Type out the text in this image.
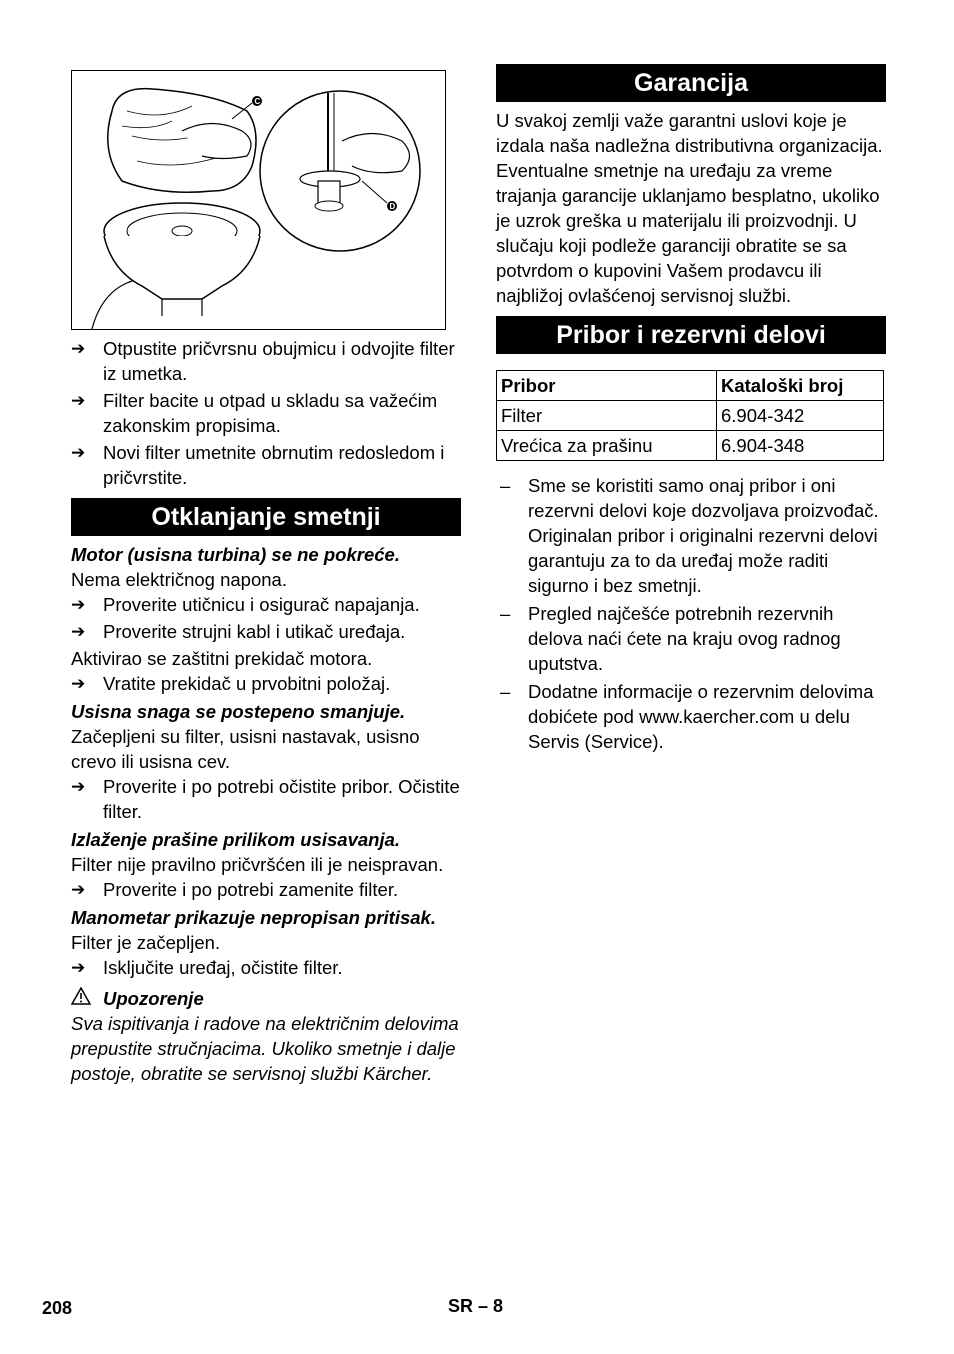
C
D
➔ Otpustite pričvrsnu obujmicu i odvojite filter iz umetka.
➔ Filter bacite u otpad u skladu sa važećim zakonskim propisima.
➔ Novi filter umetnite obrnutim redosledom i pričvrstite.
Otklanjanje smetnji
Motor (usisna turbina) se ne pokreće.

Nema električnog napona.

➔ Proverite utičnicu i osigurač napajanja.
➔ Proverite strujni kabl i utikač uređaja.

Aktivirao se zaštitni prekidač motora.

➔ Vratite prekidač u prvobitni položaj.
Usisna snaga se postepeno smanjuje.

Začepljeni su filter, usisni nastavak, usisno crevo ili usisna cev.

➔ Proverite i po potrebi očistite pribor. Očistite filter.
Izlaženje prašine prilikom usisavanja.

Filter nije pravilno pričvršćen ili je neispravan.

➔ Proverite i po potrebi zamenite filter.
Manometar prikazuje nepropisan pritisak.

Filter je začepljen.

➔ Isključite uređaj, očistite filter.
Upozorenje

Sva ispitivanja i radove na električnim delovima prepustite stručnjacima. Ukoliko smetnje i dalje postoje, obratite se servisnoj službi Kärcher.

Garancija

U svakoj zemlji važe garantni uslovi koje je izdala naša nadležna distributivna organizacija. Eventualne smetnje na uređaju za vreme trajanja garancije uklanjamo besplatno, ukoliko je uzrok greška u materijalu ili proizvodnji. U slučaju koji podleže garanciji obratite se sa potvrdom o kupovini Vašem prodavcu ili najbližoj ovlašćenoj servisnoj službi.

Pribor i rezervni delovi
Pribor	Kataloški broj
Filter	6.904-342
Vrećica za prašinu	6.904-348
– Sme se koristiti samo onaj pribor i oni rezervni delovi koje dozvoljava proizvođač. Originalan pribor i originalni rezervni delovi garantuju za to da uređaj može raditi sigurno i bez smetnji.
– Pregled najčešće potrebnih rezervnih delova naći ćete na kraju ovog radnog uputstva.
– Dodatne informacije o rezervnim delovima dobićete pod www.kaercher.com u delu Servis (Service).
208	SR – 8
